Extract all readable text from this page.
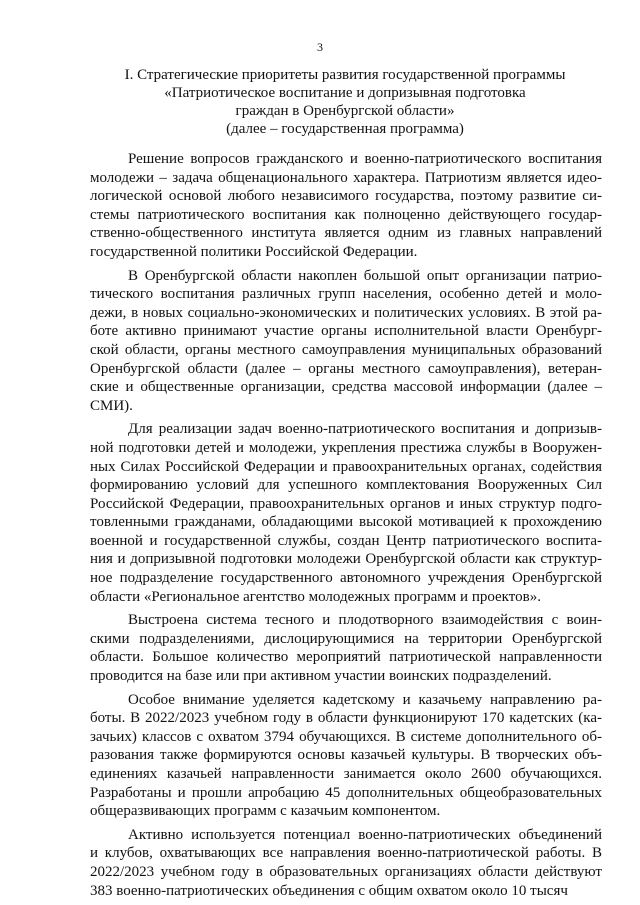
3
I. Стратегические приоритеты развития государственной программы
«Патриотическое воспитание и допризывная подготовка
граждан в Оренбургской области»
(далее – государственная программа)
Решение вопросов гражданского и военно-патриотического воспитания
молодежи – задача общенационального характера. Патриотизм является идео-
логической основой любого независимого государства, поэтому развитие си-
стемы патриотического воспитания как полноценно действующего государ-
ственно-общественного института является одним из главных направлений
государственной политики Российской Федерации.
В Оренбургской области накоплен большой опыт организации патрио-
тического воспитания различных групп населения, особенно детей и моло-
дежи, в новых социально-экономических и политических условиях. В этой ра-
боте активно принимают участие органы исполнительной власти Оренбург-
ской области, органы местного самоуправления муниципальных образований
Оренбургской области (далее – органы местного самоуправления), ветеран-
ские и общественные организации, средства массовой информации (далее –
СМИ).
Для реализации задач военно-патриотического воспитания и допризыв-
ной подготовки детей и молодежи, укрепления престижа службы в Вооружен-
ных Силах Российской Федерации и правоохранительных органах, содействия
формированию условий для успешного комплектования Вооруженных Сил
Российской Федерации, правоохранительных органов и иных структур подго-
товленными гражданами, обладающими высокой мотивацией к прохождению
военной и государственной службы, создан Центр патриотического воспита-
ния и допризывной подготовки молодежи Оренбургской области как структур-
ное подразделение государственного автономного учреждения Оренбургской
области «Региональное агентство молодежных программ и проектов».
Выстроена система тесного и плодотворного взаимодействия с воин-
скими подразделениями, дислоцирующимися на территории Оренбургской
области. Большое количество мероприятий патриотической направленности
проводится на базе или при активном участии воинских подразделений.
Особое внимание уделяется кадетскому и казачьему направлению ра-
боты. В 2022/2023 учебном году в области функционируют 170 кадетских (ка-
зачьих) классов с охватом 3794 обучающихся. В системе дополнительного об-
разования также формируются основы казачьей культуры. В творческих объ-
единениях казачьей направленности занимается около 2600 обучающихся.
Разработаны и прошли апробацию 45 дополнительных общеобразовательных
общеразвивающих программ с казачьим компонентом.
Активно используется потенциал военно-патриотических объединений
и клубов, охватывающих все направления военно-патриотической работы. В
2022/2023 учебном году в образовательных организациях области действуют
383 военно-патриотических объединения с общим охватом около 10 тысяч
